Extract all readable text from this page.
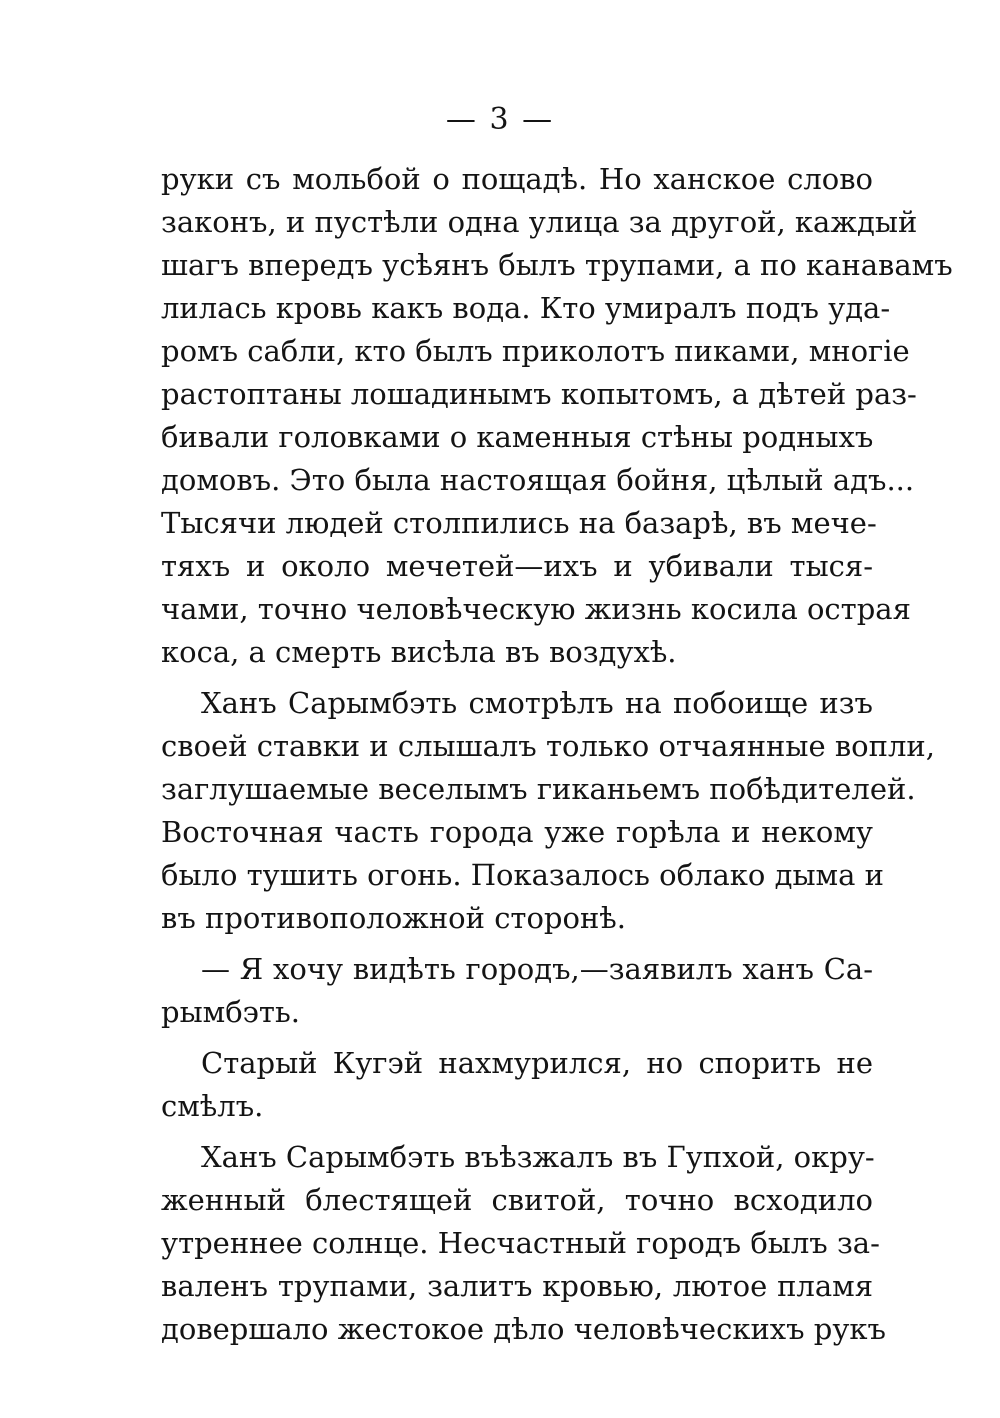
— 3 —
руки съ мольбой о пощадѣ. Но ханское слово
законъ, и пустѣли одна улица за другой, каждый
шагъ впередъ усѣянъ былъ трупами, а по канавамъ
лилась кровь какъ вода. Кто умиралъ подъ уда-
ромъ сабли, кто былъ приколотъ пиками, многіе
растоптаны лошадинымъ копытомъ, а дѣтей раз-
бивали головками о каменныя стѣны родныхъ
домовъ. Это была настоящая бойня, цѣлый адъ...
Тысячи людей столпились на базарѣ, въ мече-
тяхъ и около мечетей—ихъ и убивали тыся-
чами, точно человѣческую жизнь косила острая
коса, а смерть висѣла въ воздухѣ.
Ханъ Сарымбэть смотрѣлъ на побоище изъ
своей ставки и слышалъ только отчаянные вопли,
заглушаемые веселымъ гиканьемъ побѣдителей.
Восточная часть города уже горѣла и некому
было тушить огонь. Показалось облако дыма и
въ противоположной сторонѣ.
— Я хочу видѣть городъ,—заявилъ ханъ Са-
рымбэть.
Старый Кугэй нахмурился, но спорить не
смѣлъ.
Ханъ Сарымбэть въѣзжалъ въ Гупхой, окру-
женный блестящей свитой, точно всходило
утреннее солнце. Несчастный городъ былъ за-
валенъ трупами, залитъ кровью, лютое пламя
довершало жестокое дѣло человѣческихъ рукъ
